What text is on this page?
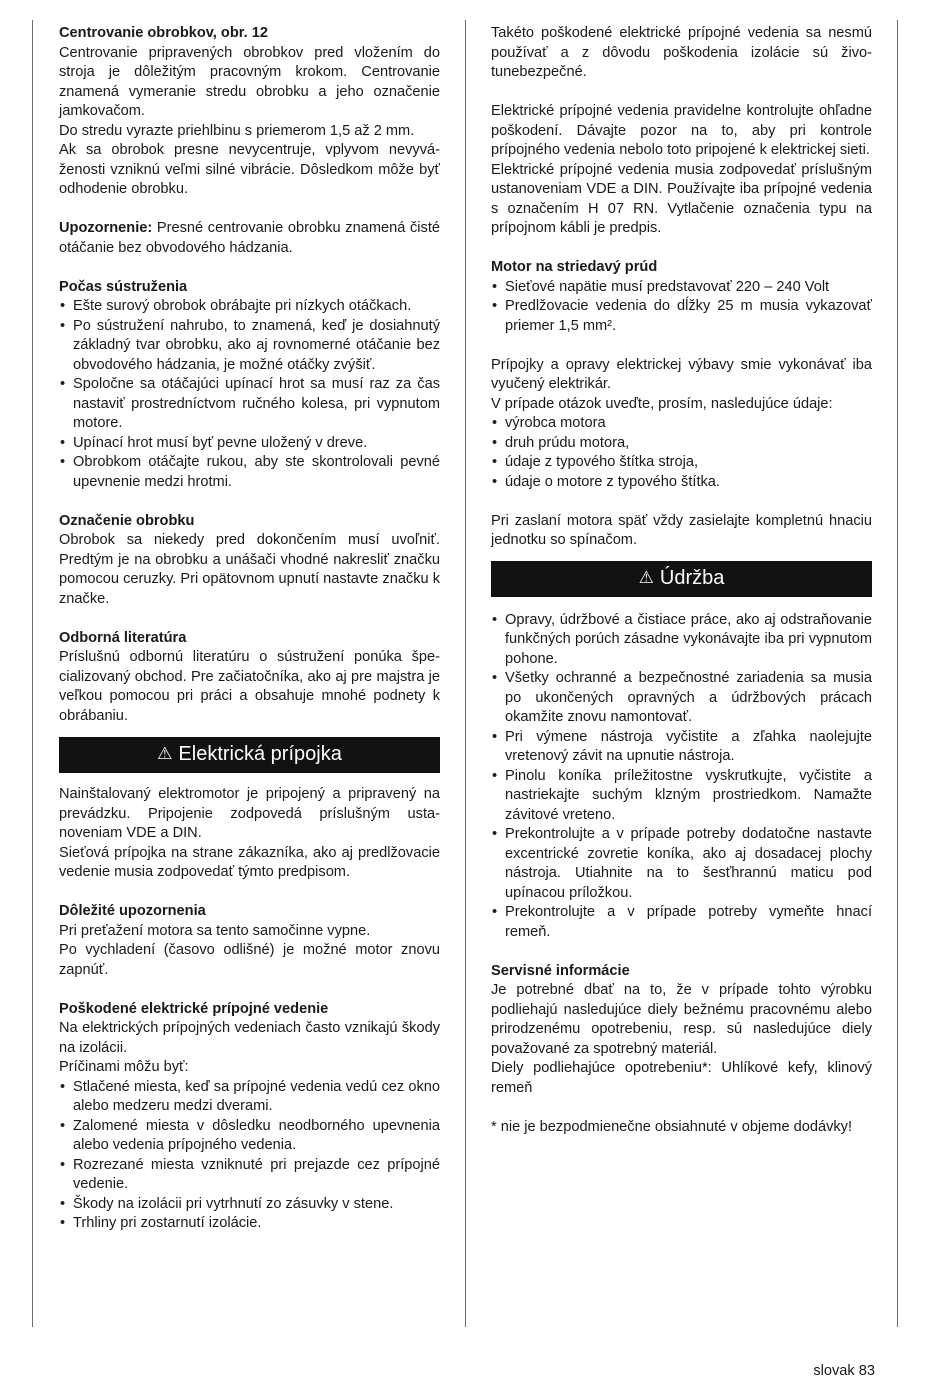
Centrovanie obrobkov, obr. 12

Centrovanie pripravených obrobkov pred vložením do stroja je dôležitým pracovným krokom. Centrovanie znamená vymeranie stredu obrobku a jeho označenie jamkovačom.

Do stredu vyrazte priehlbinu s priemerom 1,5 až 2 mm.

Ak sa obrobok presne nevycentruje, vplyvom nevyváženosti vzniknú veľmi silné vibrácie. Dôsledkom môže byť odhodenie obrobku.

Upozornenie: Presné centrovanie obrobku znamená čisté otáčanie bez obvodového hádzania.

Počas sústruženia

• Ešte surový obrobok obrábajte pri nízkych otáčkach.
• Po sústružení nahrubo, to znamená, keď je dosiahnutý základný tvar obrobku, ako aj rovnomerné otáčanie bez obvodového hádzania, je možné otáčky zvýšiť.
• Spoločne sa otáčajúci upínací hrot sa musí raz za čas nastaviť prostredníctvom ručného kolesa, pri vypnutom motore.
• Upínací hrot musí byť pevne uložený v dreve.
• Obrobkom otáčajte rukou, aby ste skontrolovali pevné upevnenie medzi hrotmi.

Označenie obrobku

Obrobok sa niekedy pred dokončením musí uvoľniť. Predtým je na obrobku a unášači vhodné nakresliť značku pomocou ceruzky. Pri opätovnom upnutí nastavte značku k značke.

Odborná literatúra

Príslušnú odbornú literatúru o sústružení ponúka špecializovaný obchod. Pre začiatočníka, ako aj pre majstra je veľkou pomocou pri práci a obsahuje mnohé podnety k obrábaniu.

⚠ Elektrická prípojka

Nainštalovaný elektromotor je pripojený a pripravený na prevádzku. Pripojenie zodpovedá príslušným ustanoveniam VDE a DIN.

Sieťová prípojka na strane zákazníka, ako aj predlžovacie vedenie musia zodpovedať týmto predpisom.

Dôležité upozornenia

Pri preťažení motora sa tento samočinne vypne.

Po vychladení (časovo odlišné) je možné motor znovu zapnúť.

Poškodené elektrické prípojné vedenie

Na elektrických prípojných vedeniach často vznikajú škody na izolácii.

Príčinami môžu byť:

• Stlačené miesta, keď sa prípojné vedenia vedú cez okno alebo medzeru medzi dverami.
• Zalomené miesta v dôsledku neodborného upevnenia alebo vedenia prípojného vedenia.
• Rozrezané miesta vzniknuté pri prejazde cez prípojné vedenie.
• Škody na izolácii pri vytrhnutí zo zásuvky v stene.
• Trhliny pri zostarnutí izolácie.

Takéto poškodené elektrické prípojné vedenia sa nesmú používať a z dôvodu poškodenia izolácie sú životunebezpečné.

Elektrické prípojné vedenia pravidelne kontrolujte ohľadne poškodení. Dávajte pozor na to, aby pri kontrole prípojného vedenia nebolo toto pripojené k elektrickej sieti.

Elektrické prípojné vedenia musia zodpovedať príslušným ustanoveniam VDE a DIN. Používajte iba prípojné vedenia s označením H 07 RN. Vytlačenie označenia typu na prípojnom kábli je predpis.

Motor na striedavý prúd

• Sieťové napätie musí predstavovať 220 – 240 Volt
• Predlžovacie vedenia do dĺžky 25 m musia vykazovať priemer 1,5 mm².

Prípojky a opravy elektrickej výbavy smie vykonávať iba vyučený elektrikár.

V prípade otázok uveďte, prosím, nasledujúce údaje:

• výrobca motora
• druh prúdu motora,
• údaje z typového štítka stroja,
• údaje o motore z typového štítka.

Pri zaslaní motora späť vždy zasielajte kompletnú hnaciu jednotku so spínačom.

⚠ Údržba
• Opravy, údržbové a čistiace práce, ako aj odstraňovanie funkčných porúch zásadne vykonávajte iba pri vypnutom pohone.
• Všetky ochranné a bezpečnostné zariadenia sa musia po ukončených opravných a údržbových prácach okamžite znovu namontovať.
• Pri výmene nástroja vyčistite a zľahka naolejujte vretenový závit na upnutie nástroja.
• Pinolu koníka príležitostne vyskrutkujte, vyčistite a nastriekajte suchým klzným prostriedkom. Namažte závitové vreteno.
• Prekontrolujte a v prípade potreby dodatočne nastavte excentrické zovretie koníka, ako aj dosadacej plochy nástroja. Utiahnite na to šesťhrannú maticu pod upínacou príložkou.
• Prekontrolujte a v prípade potreby vymeňte hnací remeň.

Servisné informácie

Je potrebné dbať na to, že v prípade tohto výrobku podliehajú nasledujúce diely bežnému pracovnému alebo prirodzenému opotrebeniu, resp. sú nasledujúce diely považované za spotrebný materiál.

Diely podliehajúce opotrebeniu*: Uhlíkové kefy, klinový remeň

* nie je bezpodmienečne obsiahnuté v objeme dodávky!

slovak 83
